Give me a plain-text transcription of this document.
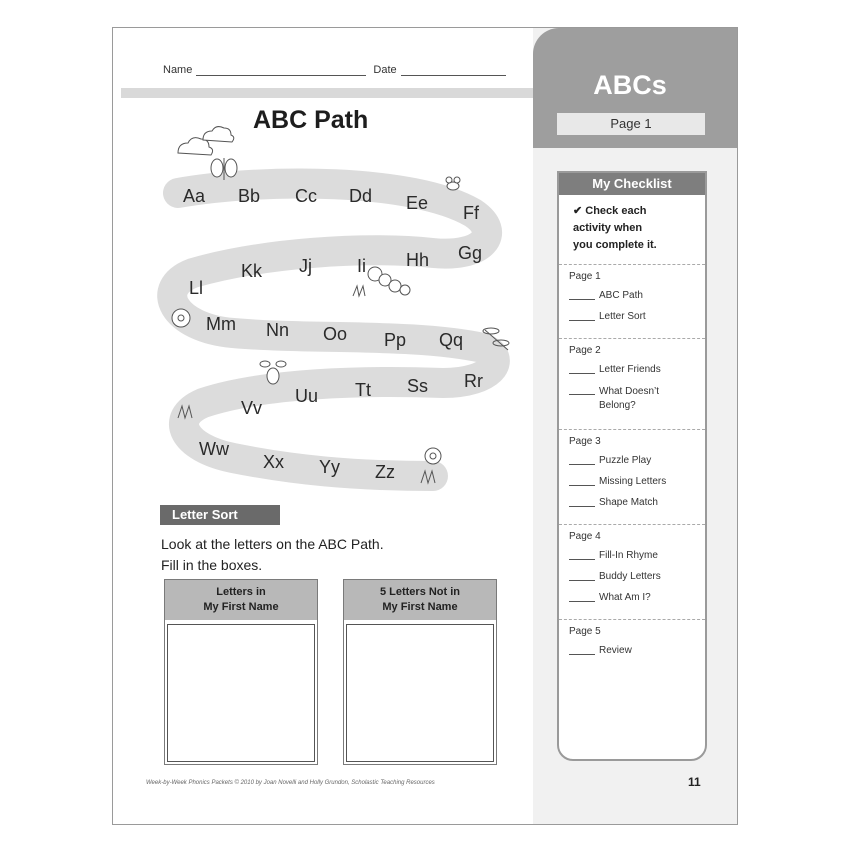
Name	Date
ABC Path
Aa Bb Cc Dd Ee Ff
Gg
Hh
Ii
Jj
Kk
Ll
Mm Nn Oo Pp Qq
Rr
Ss
Tt
Uu
Vv
Ww
Xx Yy Zz
Letter Sort
Look at the letters on the ABC Path.
Fill in the boxes.
Letters in
My First Name
5 Letters Not in
My First Name
Week-by-Week Phonics Packets © 2010 by Joan Novelli and Holly Grundon, Scholastic Teaching Resources
ABCs
Page 1
My Checklist
✔ Check each
activity when
you complete it.
Page 1
ABC Path
Letter Sort
Page 2
Letter Friends
What Doesn’t Belong?
Page 3
Puzzle Play
Missing Letters
Shape Match
Page 4
Fill-In Rhyme
Buddy Letters
What Am I?
Page 5
Review
11
